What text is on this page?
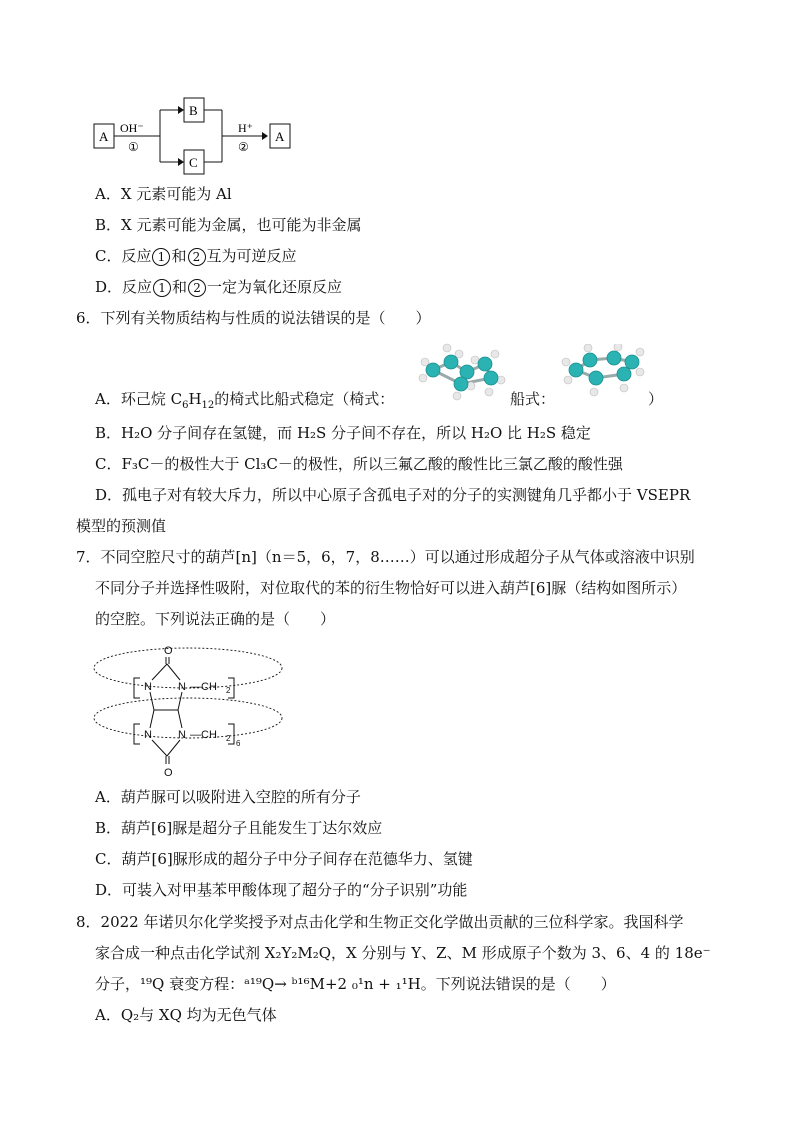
A
OH⁻
①
B
C
H⁺
②
A
A．X 元素可能为 Al
B．X 元素可能为金属，也可能为非金属
C．反应 1 和 2 互为可逆反应
D．反应 1 和 2 一定为氧化还原反应
6．下列有关物质结构与性质的说法错误的是（　　）
A．环己烷 $C_6H_{12}$的椅式比船式稳定（椅式：	船式：	）
B．H₂O 分子间存在氢键，而 H₂S 分子间不存在，所以 H₂O 比 H₂S 稳定
C．F₃C－的极性大于 Cl₃C－的极性，所以三氟乙酸的酸性比三氯乙酸的酸性强
D．孤电子对有较大斥力，所以中心原子含孤电子对的分子的实测键角几乎都小于 VSEPR
模型的预测值
7．不同空腔尺寸的葫芦[n]（n＝5，6，7，8……）可以通过形成超分子从气体或溶液中识别
不同分子并选择性吸附，对位取代的苯的衍生物恰好可以进入葫芦[6]脲（结构如图所示）
的空腔。下列说法正确的是（　　）
O
N N —CH 2
N N —CH 2
6
O
A．葫芦脲可以吸附进入空腔的所有分子
B．葫芦[6]脲是超分子且能发生丁达尔效应
C．葫芦[6]脲形成的超分子中分子间存在范德华力、氢键
D．可装入对甲基苯甲酸体现了超分子的“分子识别”功能
8．2022 年诺贝尔化学奖授予对点击化学和生物正交化学做出贡献的三位科学家。我国科学
家合成一种点击化学试剂 X₂Y₂M₂Q，X 分别与 Y、Z、M 形成原子个数为 3、6、4 的 18e⁻
分子，¹⁹Q 衰变方程：ᵃ¹⁹Q→ ᵇ¹⁶M+2 ₀¹n + ₁¹H。下列说法错误的是（　　）
A．Q₂与 XQ 均为无色气体
